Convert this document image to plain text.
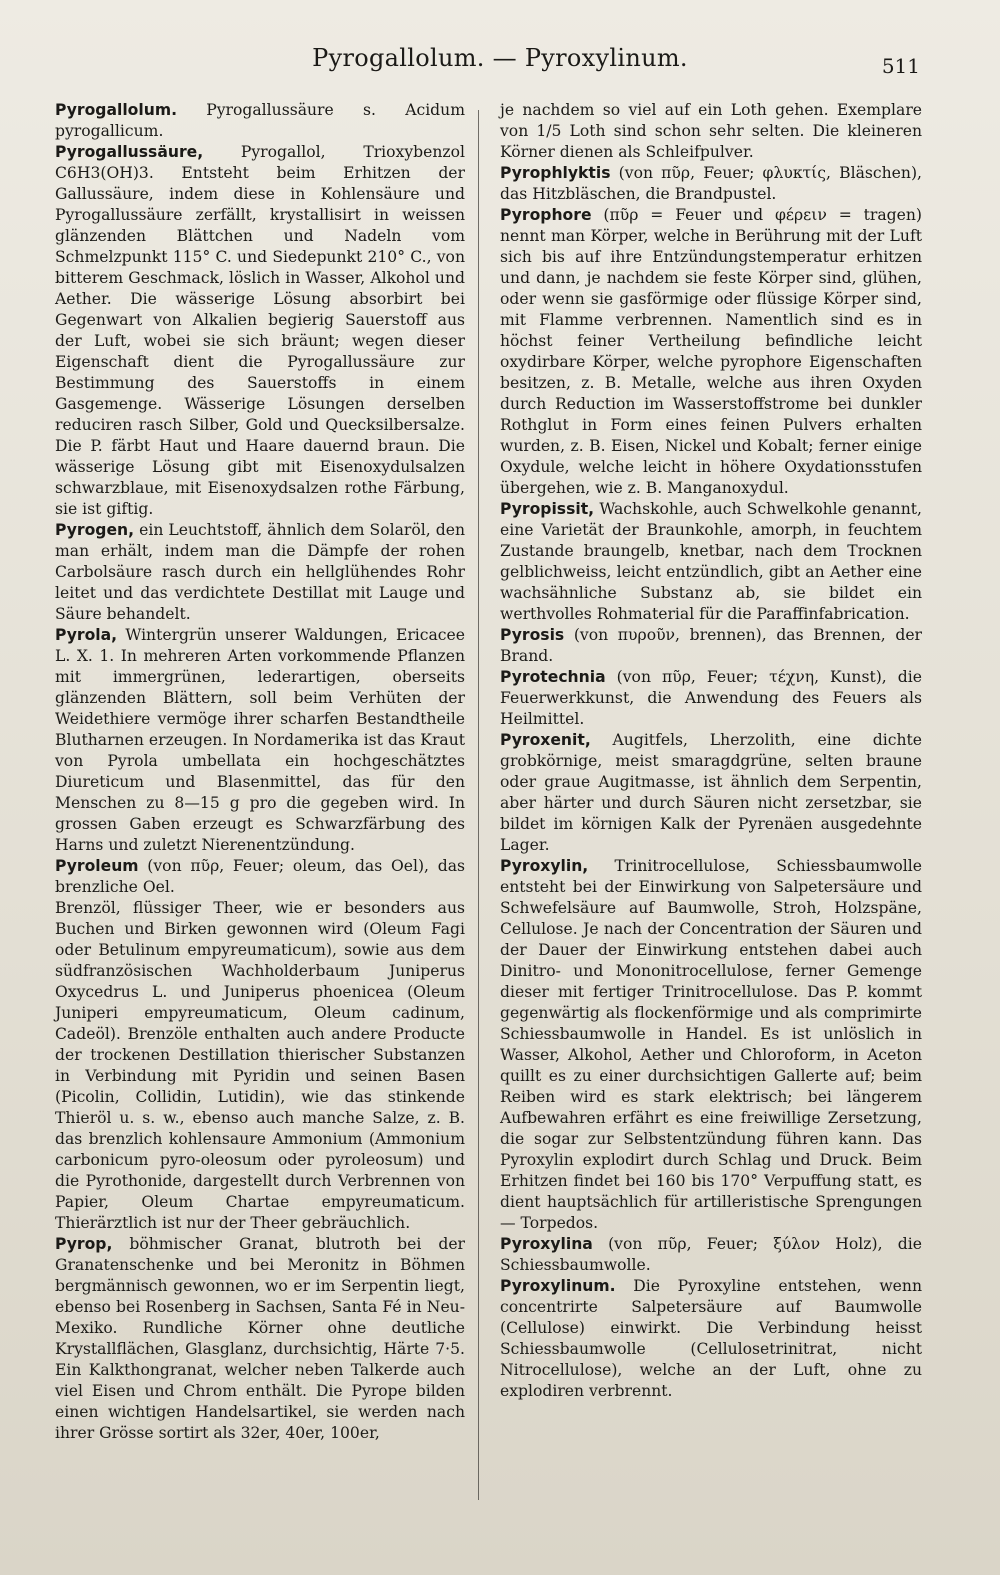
Pyrogallolum. — Pyroxylinum.	511

Pyrogallolum. Pyrogallussäure s. Acidum pyrogallicum.

Pyrogallussäure, Pyrogallol, Trioxybenzol C6H3(OH)3. Entsteht beim Erhitzen der Gallussäure, indem diese in Kohlensäure und Pyrogallussäure zerfällt, krystallisirt in weissen glänzenden Blättchen und Nadeln vom Schmelzpunkt 115° C. und Siedepunkt 210° C., von bitterem Geschmack, löslich in Wasser, Alkohol und Aether. Die wässerige Lösung absorbirt bei Gegenwart von Alkalien begierig Sauerstoff aus der Luft, wobei sie sich bräunt; wegen dieser Eigenschaft dient die Pyrogallussäure zur Bestimmung des Sauerstoffs in einem Gasgemenge. Wässerige Lösungen derselben reduciren rasch Silber, Gold und Quecksilbersalze. Die P. färbt Haut und Haare dauernd braun. Die wässerige Lösung gibt mit Eisenoxydulsalzen schwarzblaue, mit Eisenoxydsalzen rothe Färbung, sie ist giftig.

Pyrogen, ein Leuchtstoff, ähnlich dem Solaröl, den man erhält, indem man die Dämpfe der rohen Carbolsäure rasch durch ein hellglühendes Rohr leitet und das verdichtete Destillat mit Lauge und Säure behandelt.

Pyrola, Wintergrün unserer Waldungen, Ericacee L. X. 1. In mehreren Arten vorkommende Pflanzen mit immergrünen, lederartigen, oberseits glänzenden Blättern, soll beim Verhüten der Weidethiere vermöge ihrer scharfen Bestandtheile Blutharnen erzeugen. In Nordamerika ist das Kraut von Pyrola umbellata ein hochgeschätztes Diureticum und Blasenmittel, das für den Menschen zu 8—15 g pro die gegeben wird. In grossen Gaben erzeugt es Schwarzfärbung des Harns und zuletzt Nierenentzündung.

Pyroleum (von πῦρ, Feuer; oleum, das Oel), das brenzliche Oel.

Brenzöl, flüssiger Theer, wie er besonders aus Buchen und Birken gewonnen wird (Oleum Fagi oder Betulinum empyreumaticum), sowie aus dem südfranzösischen Wachholderbaum Juniperus Oxycedrus L. und Juniperus phoenicea (Oleum Juniperi empyreumaticum, Oleum cadinum, Cadeöl). Brenzöle enthalten auch andere Producte der trockenen Destillation thierischer Substanzen in Verbindung mit Pyridin und seinen Basen (Picolin, Collidin, Lutidin), wie das stinkende Thieröl u. s. w., ebenso auch manche Salze, z. B. das brenzlich kohlensaure Ammonium (Ammonium carbonicum pyro-oleosum oder pyroleosum) und die Pyrothonide, dargestellt durch Verbrennen von Papier, Oleum Chartae empyreumaticum. Thierärztlich ist nur der Theer gebräuchlich.

Pyrop, böhmischer Granat, blutroth bei der Granatenschenke und bei Meronitz in Böhmen bergmännisch gewonnen, wo er im Serpentin liegt, ebenso bei Rosenberg in Sachsen, Santa Fé in Neu-Mexiko. Rundliche Körner ohne deutliche Krystallflächen, Glasglanz, durchsichtig, Härte 7·5. Ein Kalkthongranat, welcher neben Talkerde auch viel Eisen und Chrom enthält. Die Pyrope bilden einen wichtigen Handelsartikel, sie werden nach ihrer Grösse sortirt als 32er, 40er, 100er,

je nachdem so viel auf ein Loth gehen. Exemplare von 1/5 Loth sind schon sehr selten. Die kleineren Körner dienen als Schleifpulver.

Pyrophlyktis (von πῦρ, Feuer; φλυκτίς, Bläschen), das Hitzbläschen, die Brandpustel.

Pyrophore (πῦρ = Feuer und φέρειν = tragen) nennt man Körper, welche in Berührung mit der Luft sich bis auf ihre Entzündungstemperatur erhitzen und dann, je nachdem sie feste Körper sind, glühen, oder wenn sie gasförmige oder flüssige Körper sind, mit Flamme verbrennen. Namentlich sind es in höchst feiner Vertheilung befindliche leicht oxydirbare Körper, welche pyrophore Eigenschaften besitzen, z. B. Metalle, welche aus ihren Oxyden durch Reduction im Wasserstoffstrome bei dunkler Rothglut in Form eines feinen Pulvers erhalten wurden, z. B. Eisen, Nickel und Kobalt; ferner einige Oxydule, welche leicht in höhere Oxydationsstufen übergehen, wie z. B. Manganoxydul.

Pyropissit, Wachskohle, auch Schwelkohle genannt, eine Varietät der Braunkohle, amorph, in feuchtem Zustande braungelb, knetbar, nach dem Trocknen gelblichweiss, leicht entzündlich, gibt an Aether eine wachsähnliche Substanz ab, sie bildet ein werthvolles Rohmaterial für die Paraffinfabrication.

Pyrosis (von πυροῦν, brennen), das Brennen, der Brand.

Pyrotechnia (von πῦρ, Feuer; τέχνη, Kunst), die Feuerwerkkunst, die Anwendung des Feuers als Heilmittel.

Pyroxenit, Augitfels, Lherzolith, eine dichte grobkörnige, meist smaragdgrüne, selten braune oder graue Augitmasse, ist ähnlich dem Serpentin, aber härter und durch Säuren nicht zersetzbar, sie bildet im körnigen Kalk der Pyrenäen ausgedehnte Lager.

Pyroxylin, Trinitrocellulose, Schiessbaumwolle entsteht bei der Einwirkung von Salpetersäure und Schwefelsäure auf Baumwolle, Stroh, Holzspäne, Cellulose. Je nach der Concentration der Säuren und der Dauer der Einwirkung entstehen dabei auch Dinitro- und Mononitrocellulose, ferner Gemenge dieser mit fertiger Trinitrocellulose. Das P. kommt gegenwärtig als flockenförmige und als comprimirte Schiessbaumwolle in Handel. Es ist unlöslich in Wasser, Alkohol, Aether und Chloroform, in Aceton quillt es zu einer durchsichtigen Gallerte auf; beim Reiben wird es stark elektrisch; bei längerem Aufbewahren erfährt es eine freiwillige Zersetzung, die sogar zur Selbstentzündung führen kann. Das Pyroxylin explodirt durch Schlag und Druck. Beim Erhitzen findet bei 160 bis 170° Verpuffung statt, es dient hauptsächlich für artilleristische Sprengungen — Torpedos.

Pyroxylina (von πῦρ, Feuer; ξύλον Holz), die Schiessbaumwolle.

Pyroxylinum. Die Pyroxyline entstehen, wenn concentrirte Salpetersäure auf Baumwolle (Cellulose) einwirkt. Die Verbindung heisst Schiessbaumwolle (Cellulosetrinitrat, nicht Nitrocellulose), welche an der Luft, ohne zu explodiren verbrennt.
